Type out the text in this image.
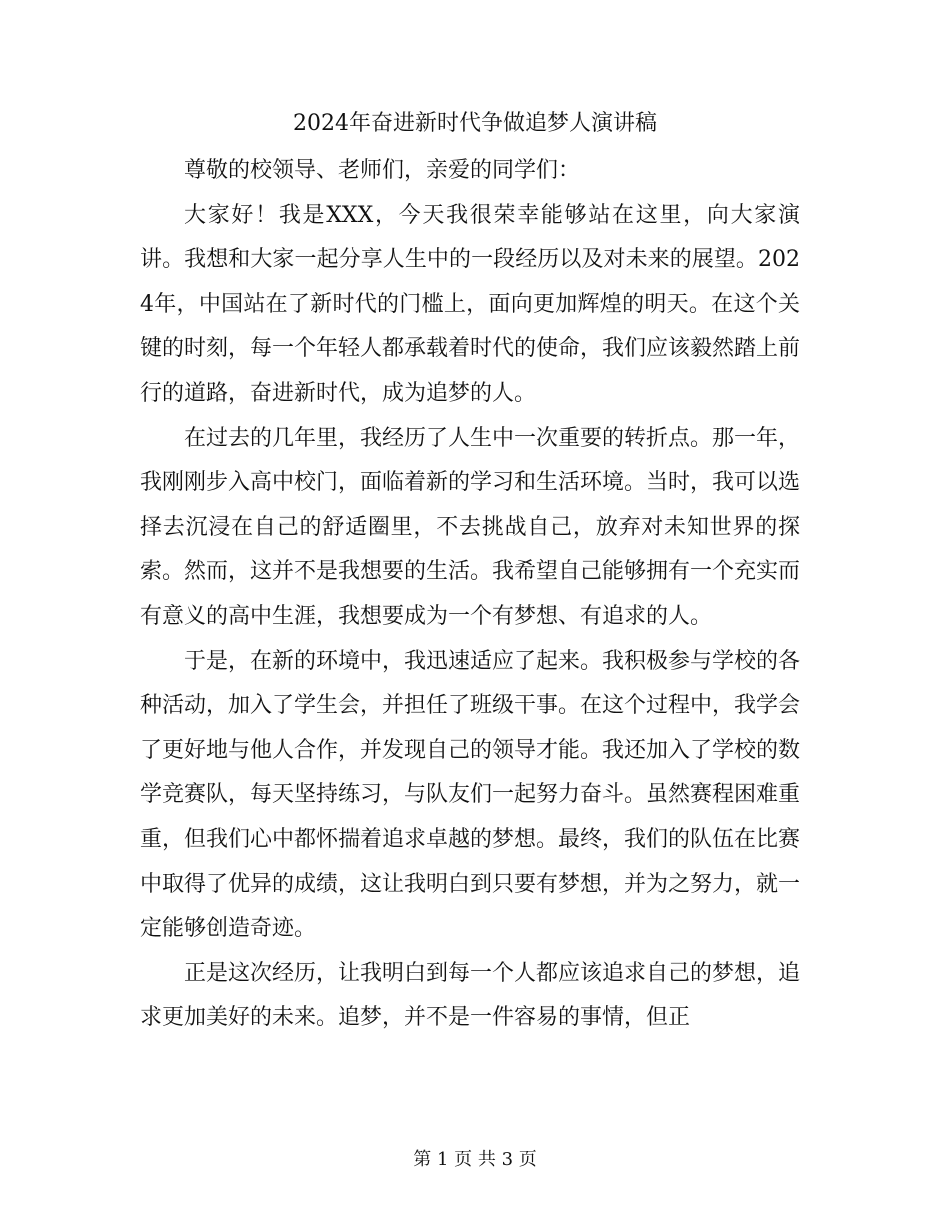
2024年奋进新时代争做追梦人演讲稿

尊敬的校领导、老师们，亲爱的同学们：

大家好！我是XXX，今天我很荣幸能够站在这里，向大家演讲。我想和大家一起分享人生中的一段经历以及对未来的展望。2024年，中国站在了新时代的门槛上，面向更加辉煌的明天。在这个关键的时刻，每一个年轻人都承载着时代的使命，我们应该毅然踏上前行的道路，奋进新时代，成为追梦的人。

在过去的几年里，我经历了人生中一次重要的转折点。那一年，我刚刚步入高中校门，面临着新的学习和生活环境。当时，我可以选择去沉浸在自己的舒适圈里，不去挑战自己，放弃对未知世界的探索。然而，这并不是我想要的生活。我希望自己能够拥有一个充实而有意义的高中生涯，我想要成为一个有梦想、有追求的人。

于是，在新的环境中，我迅速适应了起来。我积极参与学校的各种活动，加入了学生会，并担任了班级干事。在这个过程中，我学会了更好地与他人合作，并发现自己的领导才能。我还加入了学校的数学竞赛队，每天坚持练习，与队友们一起努力奋斗。虽然赛程困难重重，但我们心中都怀揣着追求卓越的梦想。最终，我们的队伍在比赛中取得了优异的成绩，这让我明白到只要有梦想，并为之努力，就一定能够创造奇迹。

正是这次经历，让我明白到每一个人都应该追求自己的梦想，追求更加美好的未来。追梦，并不是一件容易的事情，但正

第 1 页 共 3 页
